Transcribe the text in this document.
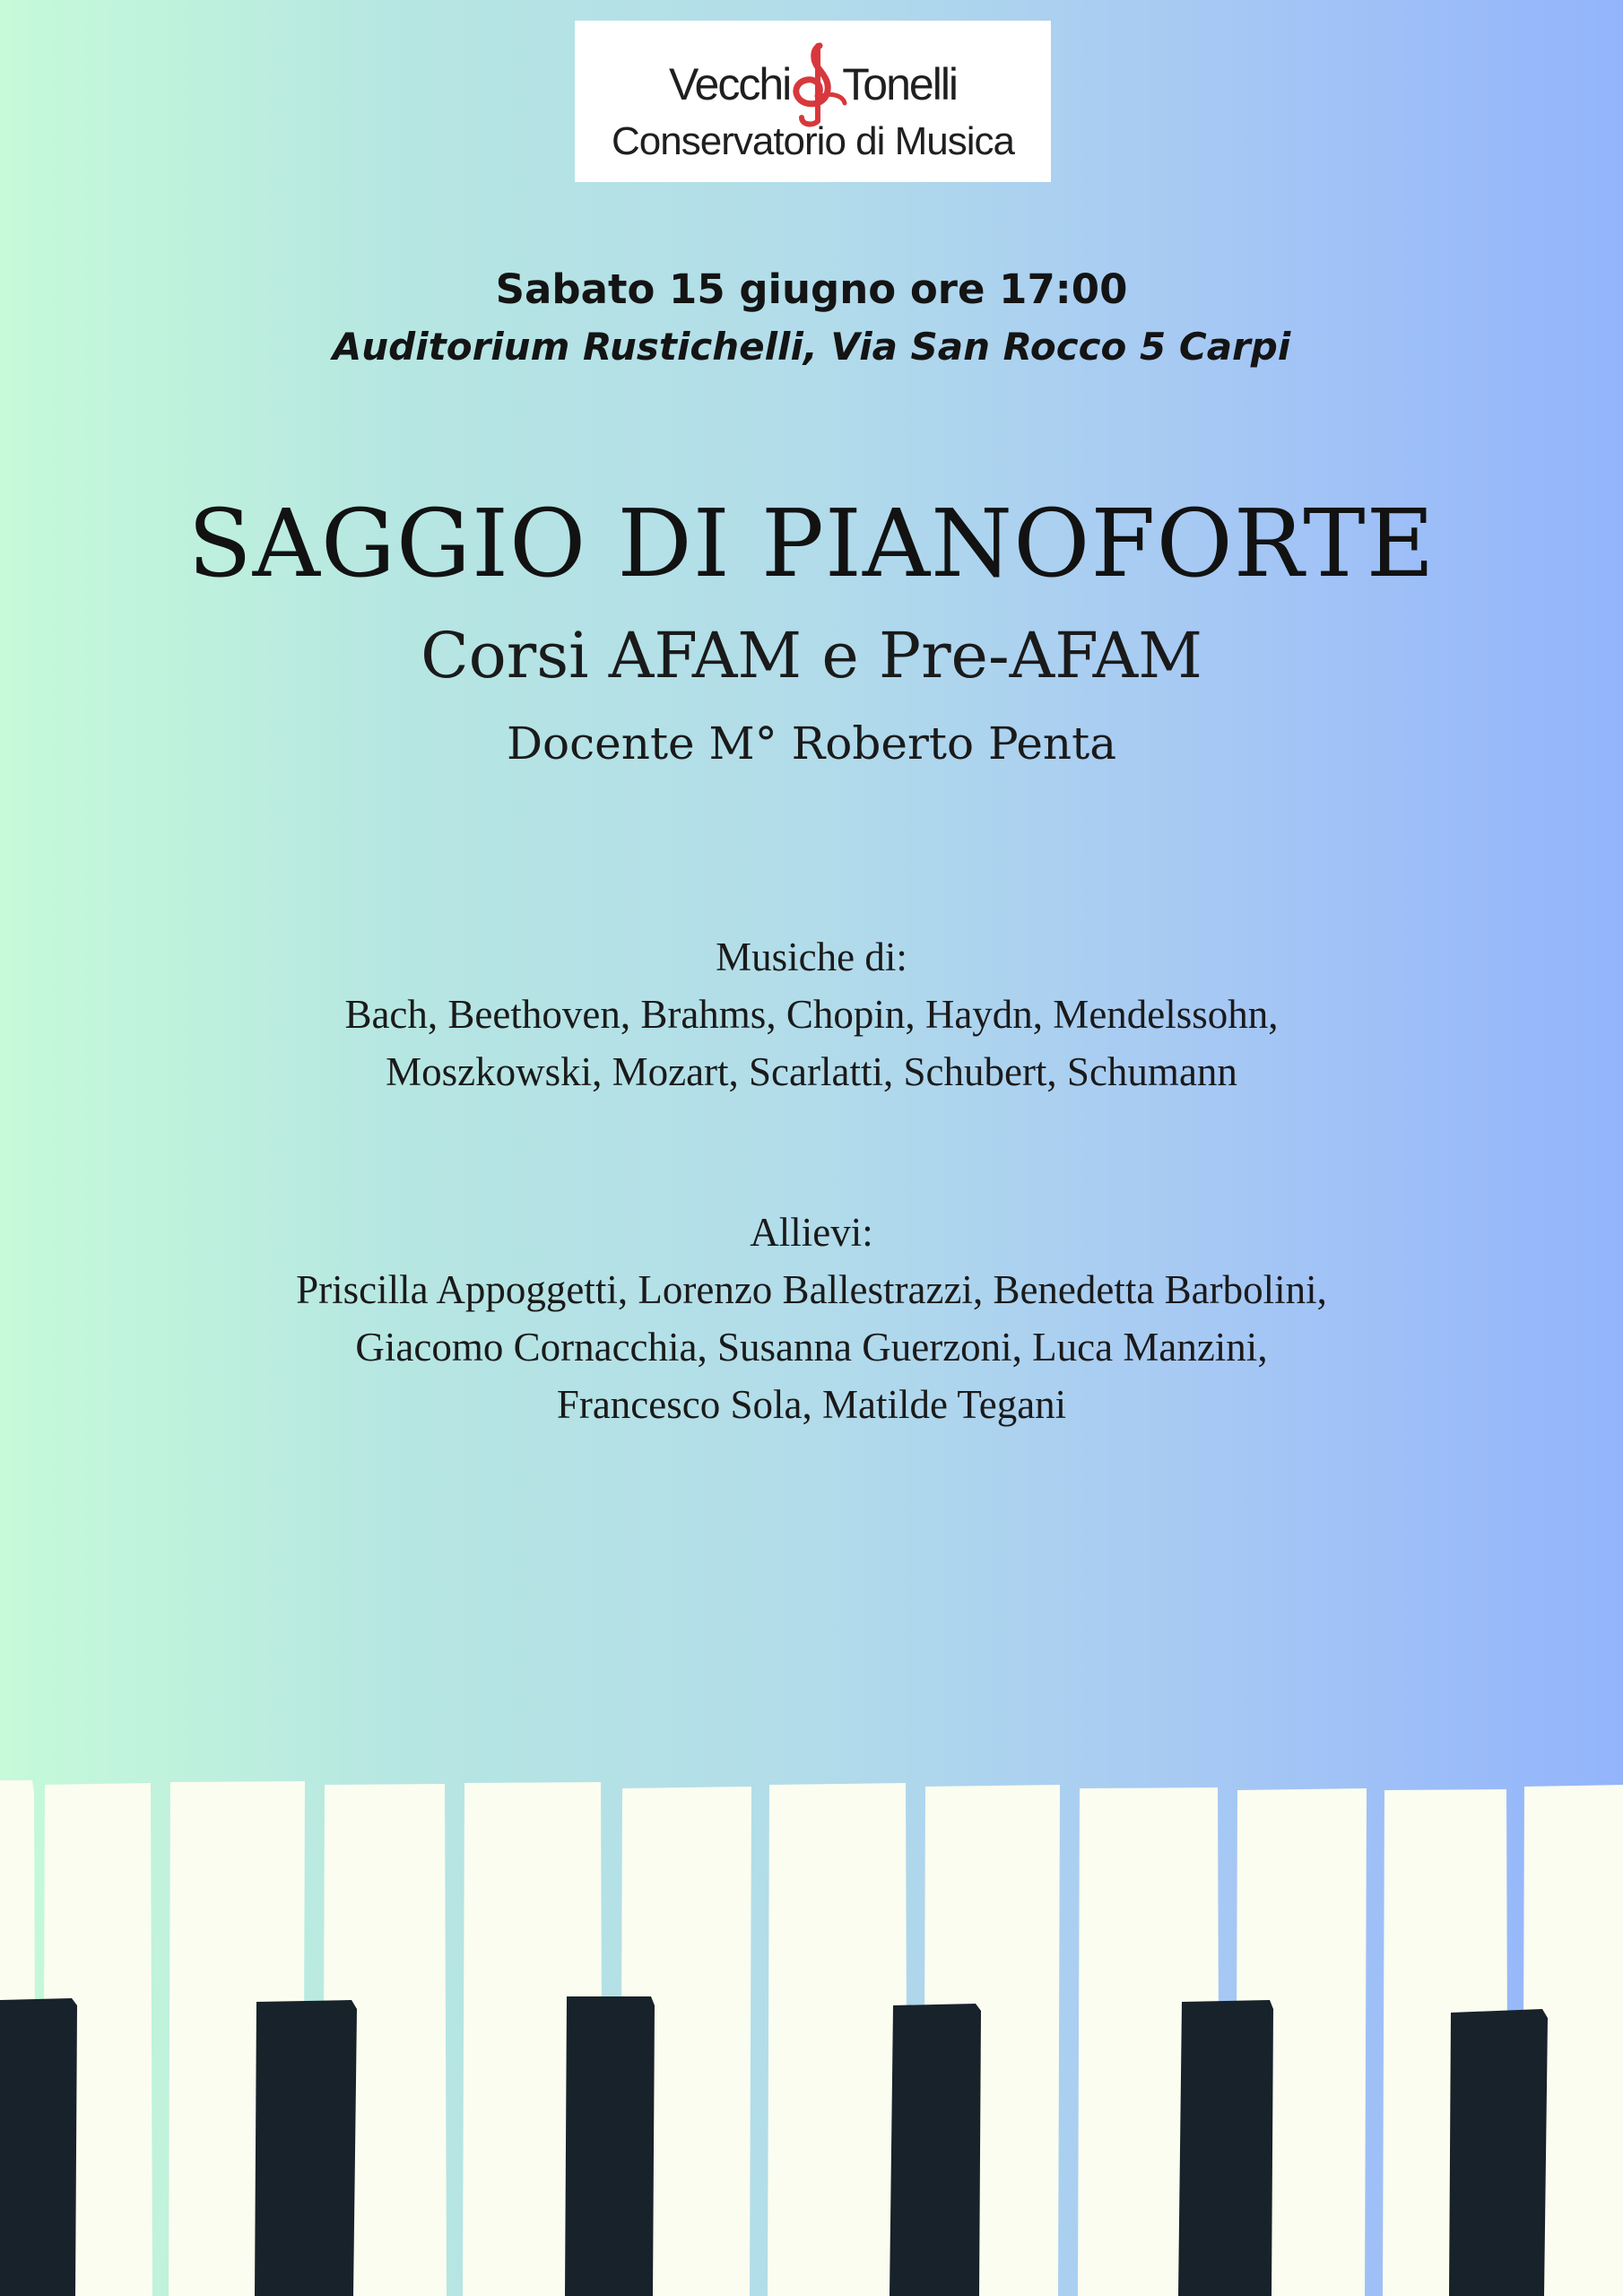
Vecchi Tonelli
Conservatorio di Musica
Sabato 15 giugno ore 17:00
Auditorium Rustichelli, Via San Rocco 5 Carpi
SAGGIO DI PIANOFORTE
Corsi AFAM e Pre-AFAM
Docente M° Roberto Penta
Musiche di:
Bach, Beethoven, Brahms, Chopin, Haydn, Mendelssohn,
Moszkowski, Mozart, Scarlatti, Schubert, Schumann
Allievi:
Priscilla Appoggetti, Lorenzo Ballestrazzi, Benedetta Barbolini,
Giacomo Cornacchia, Susanna Guerzoni, Luca Manzini,
Francesco Sola, Matilde Tegani
